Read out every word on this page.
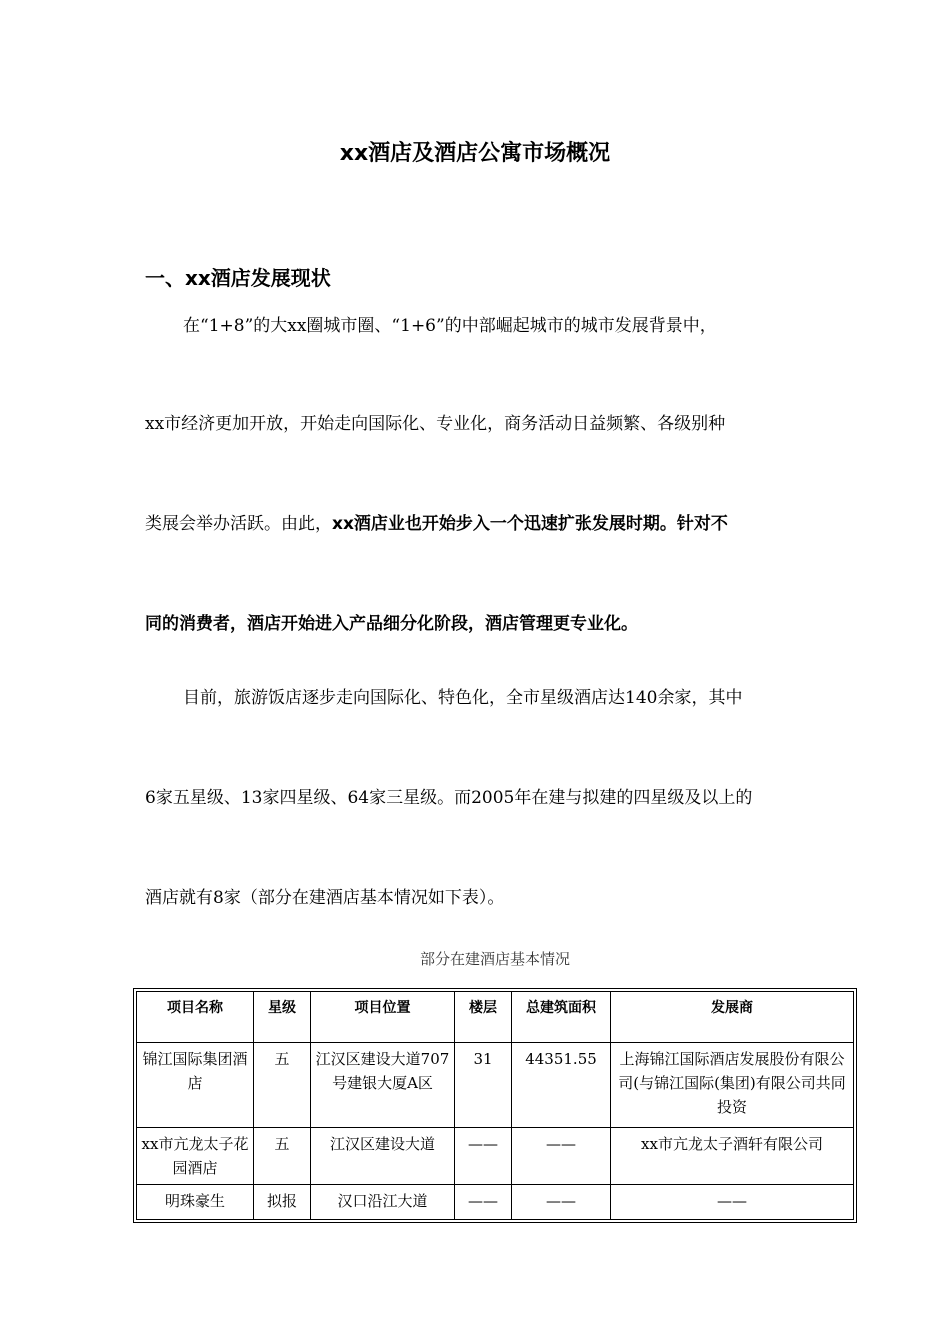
xx酒店及酒店公寓市场概况
一、xx酒店发展现状
在“1+8”的大xx圈城市圈、“1+6”的中部崛起城市的城市发展背景中，
xx市经济更加开放，开始走向国际化、专业化，商务活动日益频繁、各级别种
类展会举办活跃。由此，xx酒店业也开始步入一个迅速扩张发展时期。针对不
同的消费者，酒店开始进入产品细分化阶段，酒店管理更专业化。
目前，旅游饭店逐步走向国际化、特色化，全市星级酒店达140余家，其中
6家五星级、13家四星级、64家三星级。而2005年在建与拟建的四星级及以上的
酒店就有8家（部分在建酒店基本情况如下表）。
部分在建酒店基本情况
项目名称	星级	项目位置	楼层	总建筑面积	发展商
锦江国际集团酒店	五	江汉区建设大道707号建银大厦A区	31	44351.55	上海锦江国际酒店发展股份有限公司(与锦江国际(集团)有限公司共同投资
xx市亢龙太子花园酒店	五	江汉区建设大道	——	——	xx市亢龙太子酒轩有限公司
明珠豪生	拟报	汉口沿江大道	——	——	——
